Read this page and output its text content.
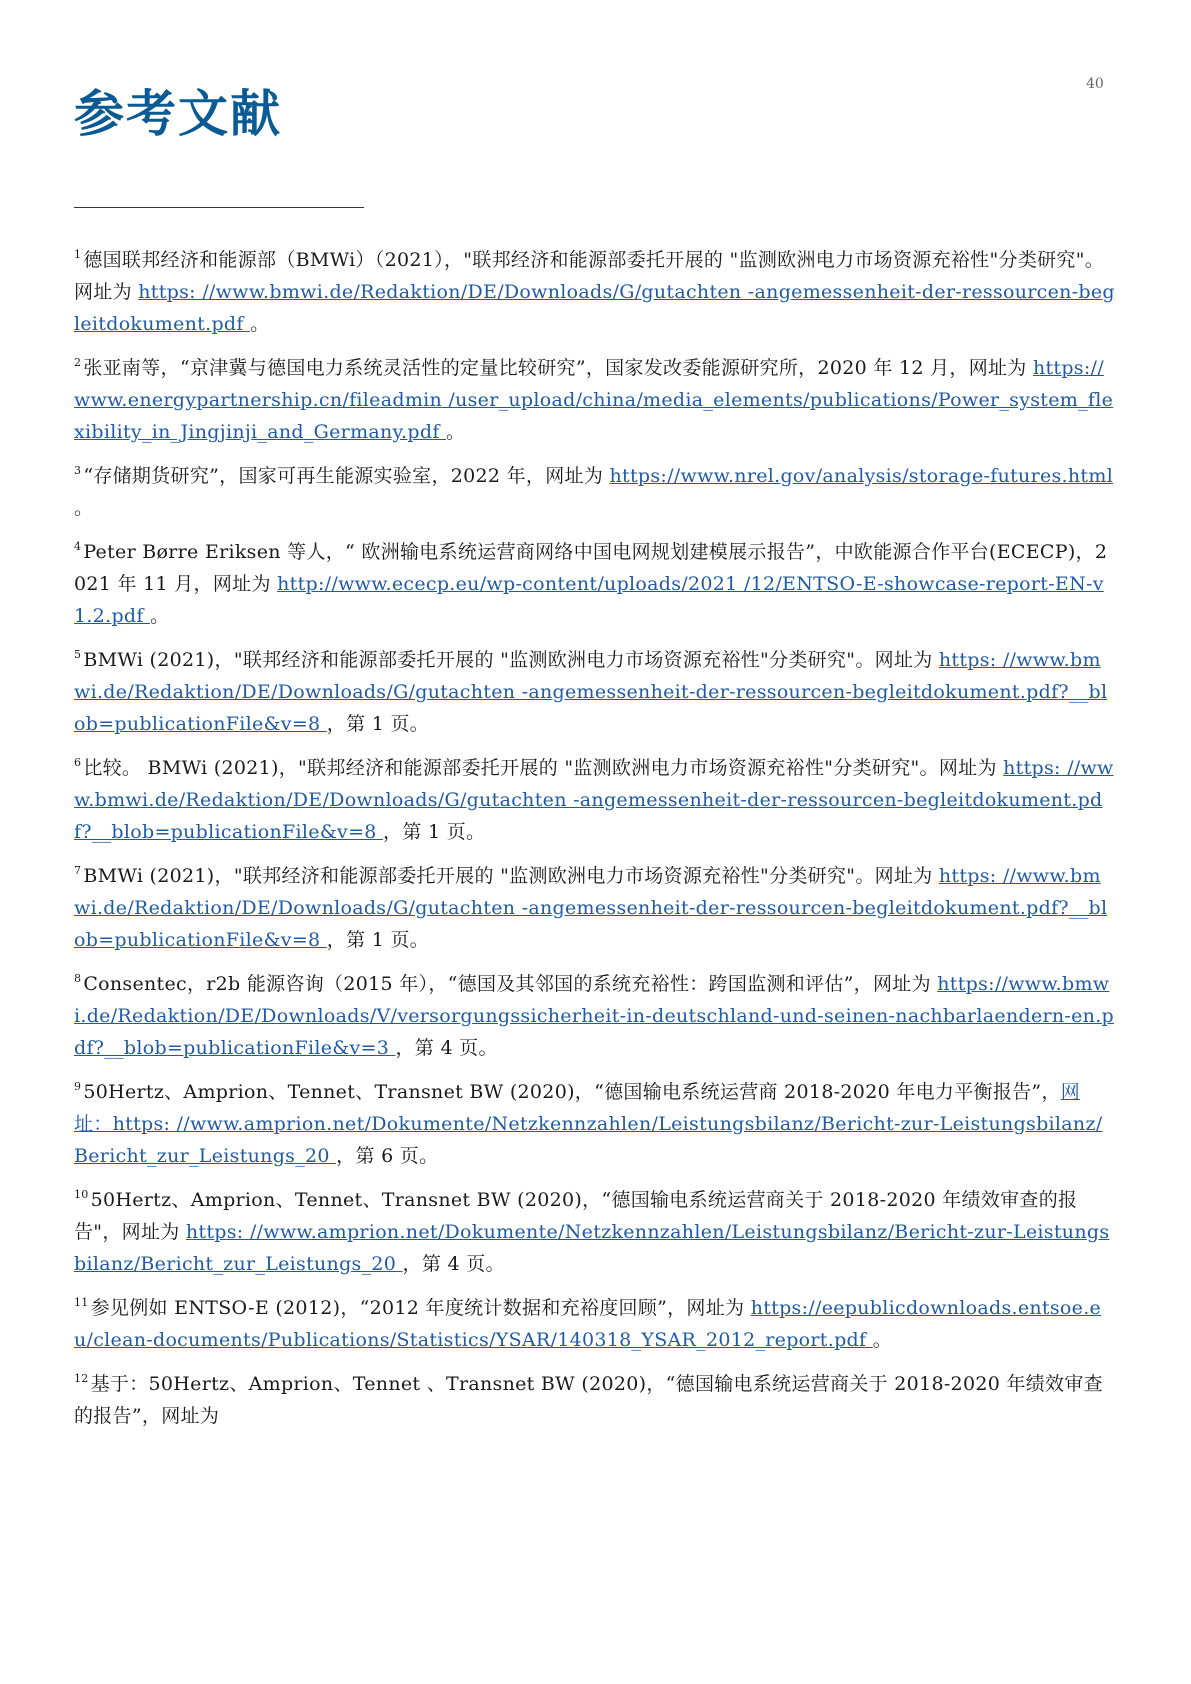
参考文献
40

$^1$ 德国联邦经济和能源部（BMWi）（2021），"联邦经济和能源部委托开展的 "监测欧洲电力市场资源充裕性"分类研究"。网址为 https: //www.bmwi.de/Redaktion/DE/Downloads/G/gutachten -angemessenheit-der-ressourcen-begleitdokument.pdf 。

$^2$ 张亚南等，“京津冀与德国电力系统灵活性的定量比较研究”，国家发改委能源研究所，2020 年 12 月，网址为 https://www.energypartnership.cn/fileadmin /user_upload/china/media_elements/publications/Power_system_flexibility_in_Jingjinji_and_Germany.pdf 。

$^3$ “存储期货研究”，国家可再生能源实验室，2022 年，网址为 https://www.nrel.gov/analysis/storage-futures.html 。

$^4$ Peter Børre Eriksen 等人，“ 欧洲输电系统运营商网络中国电网规划建模展示报告”，中欧能源合作平台(ECECP)，2021 年 11 月，网址为 http://www.ececp.eu/wp-content/uploads/2021 /12/ENTSO-E-showcase-report-EN-v1.2.pdf 。

$^5$ BMWi (2021)，"联邦经济和能源部委托开展的 "监测欧洲电力市场资源充裕性"分类研究"。网址为 https: //www.bmwi.de/Redaktion/DE/Downloads/G/gutachten -angemessenheit-der-ressourcen-begleitdokument.pdf?__blob=publicationFile&v=8 ，第 1 页。

$^6$ 比较。 BMWi (2021)，"联邦经济和能源部委托开展的 "监测欧洲电力市场资源充裕性"分类研究"。网址为 https: //www.bmwi.de/Redaktion/DE/Downloads/G/gutachten -angemessenheit-der-ressourcen-begleitdokument.pdf?__blob=publicationFile&v=8 ，第 1 页。

$^7$ BMWi (2021)，"联邦经济和能源部委托开展的 "监测欧洲电力市场资源充裕性"分类研究"。网址为 https: //www.bmwi.de/Redaktion/DE/Downloads/G/gutachten -angemessenheit-der-ressourcen-begleitdokument.pdf?__blob=publicationFile&v=8 ，第 1 页。

$^8$ Consentec，r2b 能源咨询（2015 年），“德国及其邻国的系统充裕性：跨国监测和评估”，网址为 https://www.bmwi.de/Redaktion/DE/Downloads/V/versorgungssicherheit-in-deutschland-und-seinen-nachbarlaendern-en.pdf?__blob=publicationFile&v=3 ，第 4 页。

$^9$ 50Hertz、Amprion、Tennet、Transnet BW (2020)，“德国输电系统运营商 2018-2020 年电力平衡报告”，网址：https: //www.amprion.net/Dokumente/Netzkennzahlen/Leistungsbilanz/Bericht-zur-Leistungsbilanz/Bericht_zur_Leistungs_20 ，第 6 页。

$^{10}$ 50Hertz、Amprion、Tennet、Transnet BW (2020)，“德国输电系统运营商关于 2018-2020 年绩效审查的报告"，网址为 https: //www.amprion.net/Dokumente/Netzkennzahlen/Leistungsbilanz/Bericht-zur-Leistungsbilanz/Bericht_zur_Leistungs_20 ，第 4 页。

$^{11}$ 参见例如 ENTSO-E (2012)，“2012 年度统计数据和充裕度回顾”，网址为 https://eepublicdownloads.entsoe.eu/clean-documents/Publications/Statistics/YSAR/140318_YSAR_2012_report.pdf 。

$^{12}$ 基于：50Hertz、Amprion、Tennet 、Transnet BW (2020)，“德国输电系统运营商关于 2018-2020 年绩效审查的报告”，网址为
